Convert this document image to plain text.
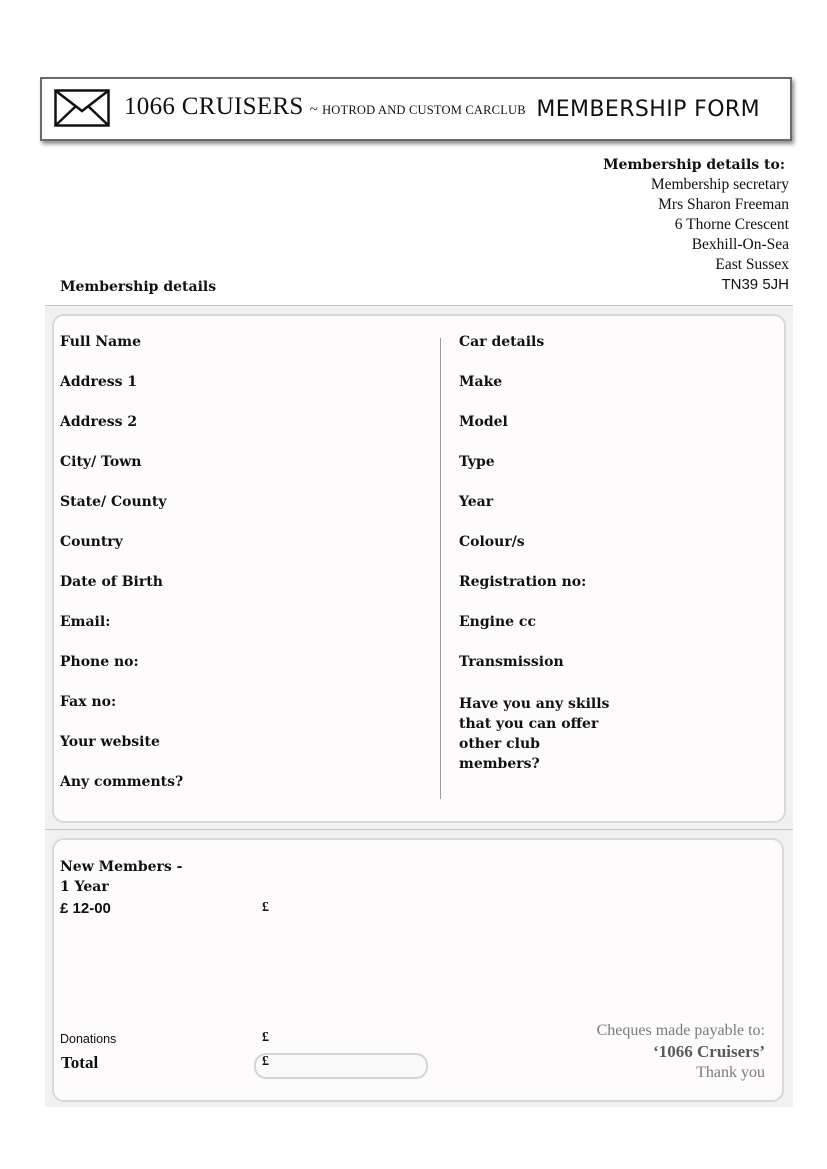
1066 CRUISERS ~ HOTROD AND CUSTOM CARCLUB MEMBERSHIP FORM
Membership details to:
Membership secretary
Mrs Sharon Freeman
6 Thorne Crescent
Bexhill-On-Sea
East Sussex
TN39 5JH
Membership details
Full Name
Address 1
Address 2
City/ Town
State/ County
Country
Date of Birth
Email:
Phone no:
Fax no:
Your website
Any comments?
Car details
Make
Model
Type
Year
Colour/s
Registration no:
Engine cc
Transmission
Have you any skills that you can offer other club members?
New Members -
1 Year
£ 12-00	£
Donations	£
Total	£
Cheques made payable to:
‘1066 Cruisers’
Thank you
